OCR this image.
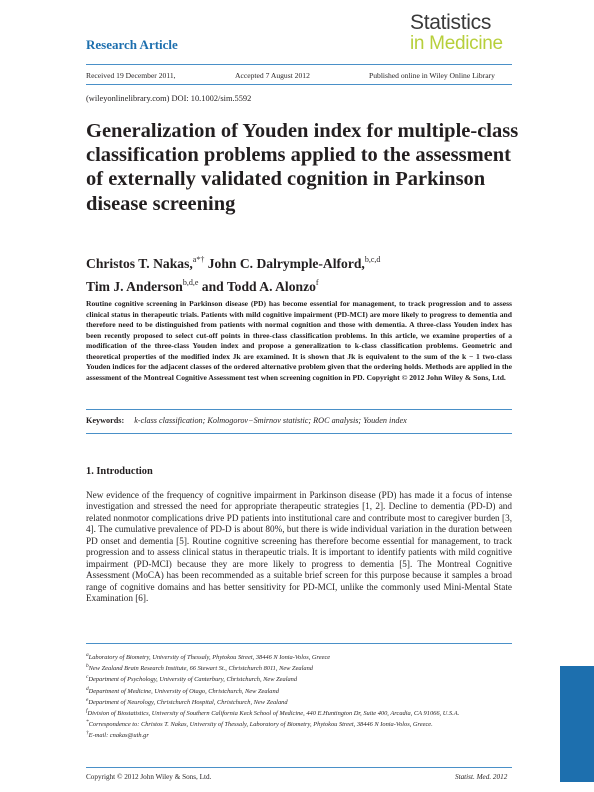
Research Article
Statistics
in Medicine
Received 19 December 2011,	Accepted 7 August 2012	Published online in Wiley Online Library
(wileyonlinelibrary.com) DOI: 10.1002/sim.5592
Generalization of Youden index for multiple-class classification problems applied to the assessment of externally validated cognition in Parkinson disease screening
Christos T. Nakas,$^{a*\dagger}$ John C. Dalrymple-Alford,$^{b,c,d}$
Tim J. Anderson$^{b,d,e}$ and Todd A. Alonzo$^f$
Routine cognitive screening in Parkinson disease (PD) has become essential for management, to track progression and to assess clinical status in therapeutic trials. Patients with mild cognitive impairment (PD-MCI) are more likely to progress to dementia and therefore need to be distinguished from patients with normal cognition and those with dementia. A three-class Youden index has been recently proposed to select cut-off points in three-class classification problems. In this article, we examine properties of a modification of the three-class Youden index and propose a generalization to k-class classification problems. Geometric and theoretical properties of the modified index Jk are examined. It is shown that Jk is equivalent to the sum of the k − 1 two-class Youden indices for the adjacent classes of the ordered alternative problem given that the ordering holds. Methods are applied in the assessment of the Montreal Cognitive Assessment test when screening cognition in PD. Copyright © 2012 John Wiley & Sons, Ltd.
Keywords: k-class classification; Kolmogorov−Smirnov statistic; ROC analysis; Youden index
1. Introduction
New evidence of the frequency of cognitive impairment in Parkinson disease (PD) has made it a focus of intense investigation and stressed the need for appropriate therapeutic strategies [1, 2]. Decline to dementia (PD-D) and related nonmotor complications drive PD patients into institutional care and contribute most to caregiver burden [3, 4]. The cumulative prevalence of PD-D is about 80%, but there is wide individual variation in the duration between PD onset and dementia [5]. Routine cognitive screening has therefore become essential for management, to track progression and to assess clinical status in therapeutic trials. It is important to identify patients with mild cognitive impairment (PD-MCI) because they are more likely to progress to dementia [5]. The Montreal Cognitive Assessment (MoCA) has been recommended as a suitable brief screen for this purpose because it samples a broad range of cognitive domains and has better sensitivity for PD-MCI, unlike the commonly used Mini-Mental State Examination [6].

$^a$Laboratory of Biometry, University of Thessaly, Phytokou Street, 38446 N Ionia-Volos, Greece

$^b$New Zealand Brain Research Institute, 66 Stewart St., Christchurch 8011, New Zealand

$^c$Department of Psychology, University of Canterbury, Christchurch, New Zealand

$^d$Department of Medicine, University of Otago, Christchurch, New Zealand

$^e$Department of Neurology, Christchurch Hospital, Christchurch, New Zealand

$^f$Division of Biostatistics, University of Southern California Keck School of Medicine, 440 E.Huntington Dr, Suite 400, Arcadia, CA 91066, U.S.A.

*Correspondence to: Christos T. Nakas, University of Thessaly, Laboratory of Biometry, Phytokou Street, 38446 N Ionia-Volos, Greece.

†E-mail: cnakas@uth.gr

Copyright © 2012 John Wiley & Sons, Ltd.	Statist. Med. 2012
